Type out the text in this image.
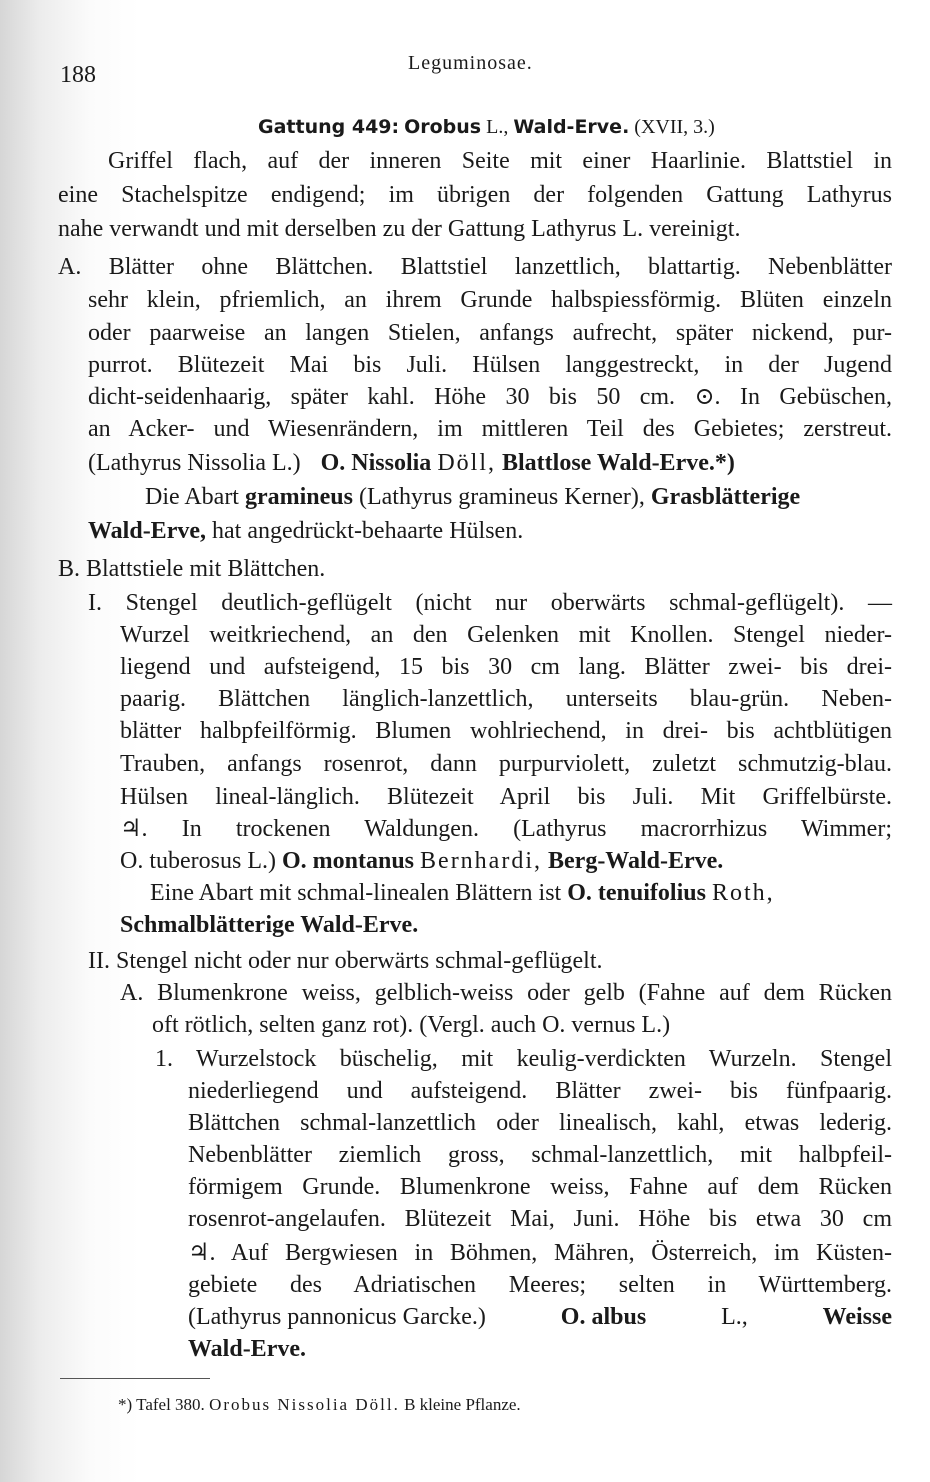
188	Leguminosae.
Gattung 449: Orobus L., Wald-Erve. (XVII, 3.)
Griffel flach, auf der inneren Seite mit einer Haarlinie. Blattstiel in
eine Stachelspitze endigend; im übrigen der folgenden Gattung Lathyrus
nahe verwandt und mit derselben zu der Gattung Lathyrus L. vereinigt.
A. Blätter ohne Blättchen. Blattstiel lanzettlich, blattartig. Nebenblätter
sehr klein, pfriemlich, an ihrem Grunde halbspiessförmig. Blüten einzeln
oder paarweise an langen Stielen, anfangs aufrecht, später nickend, pur-
purrot. Blütezeit Mai bis Juli. Hülsen langgestreckt, in der Jugend
dicht-seidenhaarig, später kahl. Höhe 30 bis 50 cm. ⊙. In Gebüschen,
an Acker- und Wiesenrändern, im mittleren Teil des Gebietes; zerstreut.
(Lathyrus Nissolia L.) O. Nissolia Döll, Blattlose Wald-Erve.*)
Die Abart gramineus (Lathyrus gramineus Kerner), Grasblätterige
Wald-Erve, hat angedrückt-behaarte Hülsen.
B. Blattstiele mit Blättchen.
I. Stengel deutlich-geflügelt (nicht nur oberwärts schmal-geflügelt). —
Wurzel weitkriechend, an den Gelenken mit Knollen. Stengel nieder-
liegend und aufsteigend, 15 bis 30 cm lang. Blätter zwei- bis drei-
paarig. Blättchen länglich-lanzettlich, unterseits blau-grün. Neben-
blätter halbpfeilförmig. Blumen wohlriechend, in drei- bis achtblütigen
Trauben, anfangs rosenrot, dann purpurviolett, zuletzt schmutzig-blau.
Hülsen lineal-länglich. Blütezeit April bis Juli. Mit Griffelbürste.
♃. In trockenen Waldungen. (Lathyrus macrorrhizus Wimmer;
O. tuberosus L.) O. montanus Bernhardi, Berg-Wald-Erve.
Eine Abart mit schmal-linealen Blättern ist O. tenuifolius Roth,
Schmalblätterige Wald-Erve.
II. Stengel nicht oder nur oberwärts schmal-geflügelt.
A. Blumenkrone weiss, gelblich-weiss oder gelb (Fahne auf dem Rücken
oft rötlich, selten ganz rot). (Vergl. auch O. vernus L.)
1. Wurzelstock büschelig, mit keulig-verdickten Wurzeln. Stengel
niederliegend und aufsteigend. Blätter zwei- bis fünfpaarig.
Blättchen schmal-lanzettlich oder linealisch, kahl, etwas lederig.
Nebenblätter ziemlich gross, schmal-lanzettlich, mit halbpfeil-
förmigem Grunde. Blumenkrone weiss, Fahne auf dem Rücken
rosenrot-angelaufen. Blütezeit Mai, Juni. Höhe bis etwa 30 cm
♃. Auf Bergwiesen in Böhmen, Mähren, Österreich, im Küsten-
gebiete des Adriatischen Meeres; selten in Württemberg.
(Lathyrus pannonicus Garcke.)	O. albus	L.,	Weisse
Wald-Erve.
*) Tafel 380. Orobus Nissolia Döll. B kleine Pflanze.
